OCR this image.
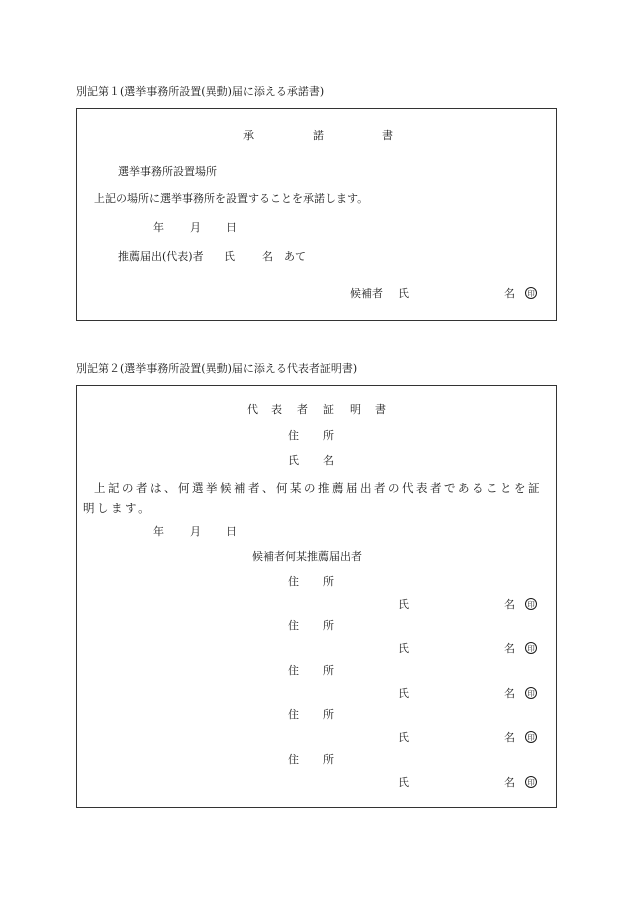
別記第１(選挙事務所設置(異動)届に添える承諾書)
承	諾	書
選挙事務所設置場所
上記の場所に選挙事務所を設置することを承諾します。
年 月 日
推薦届出(代表)者 氏 名 あて
候補者 氏	名	印
別記第２(選挙事務所設置(異動)届に添える代表者証明書)
代 表 者 証 明 書
住 所
氏 名
上記の者は、何選挙候補者、何某の推薦届出者の代表者であることを証明します。
年 月 日
候補者何某推薦届出者
住 所
氏	名	印
住 所
氏	名	印
住 所
氏	名	印
住 所
氏	名	印
住 所
氏	名	印
